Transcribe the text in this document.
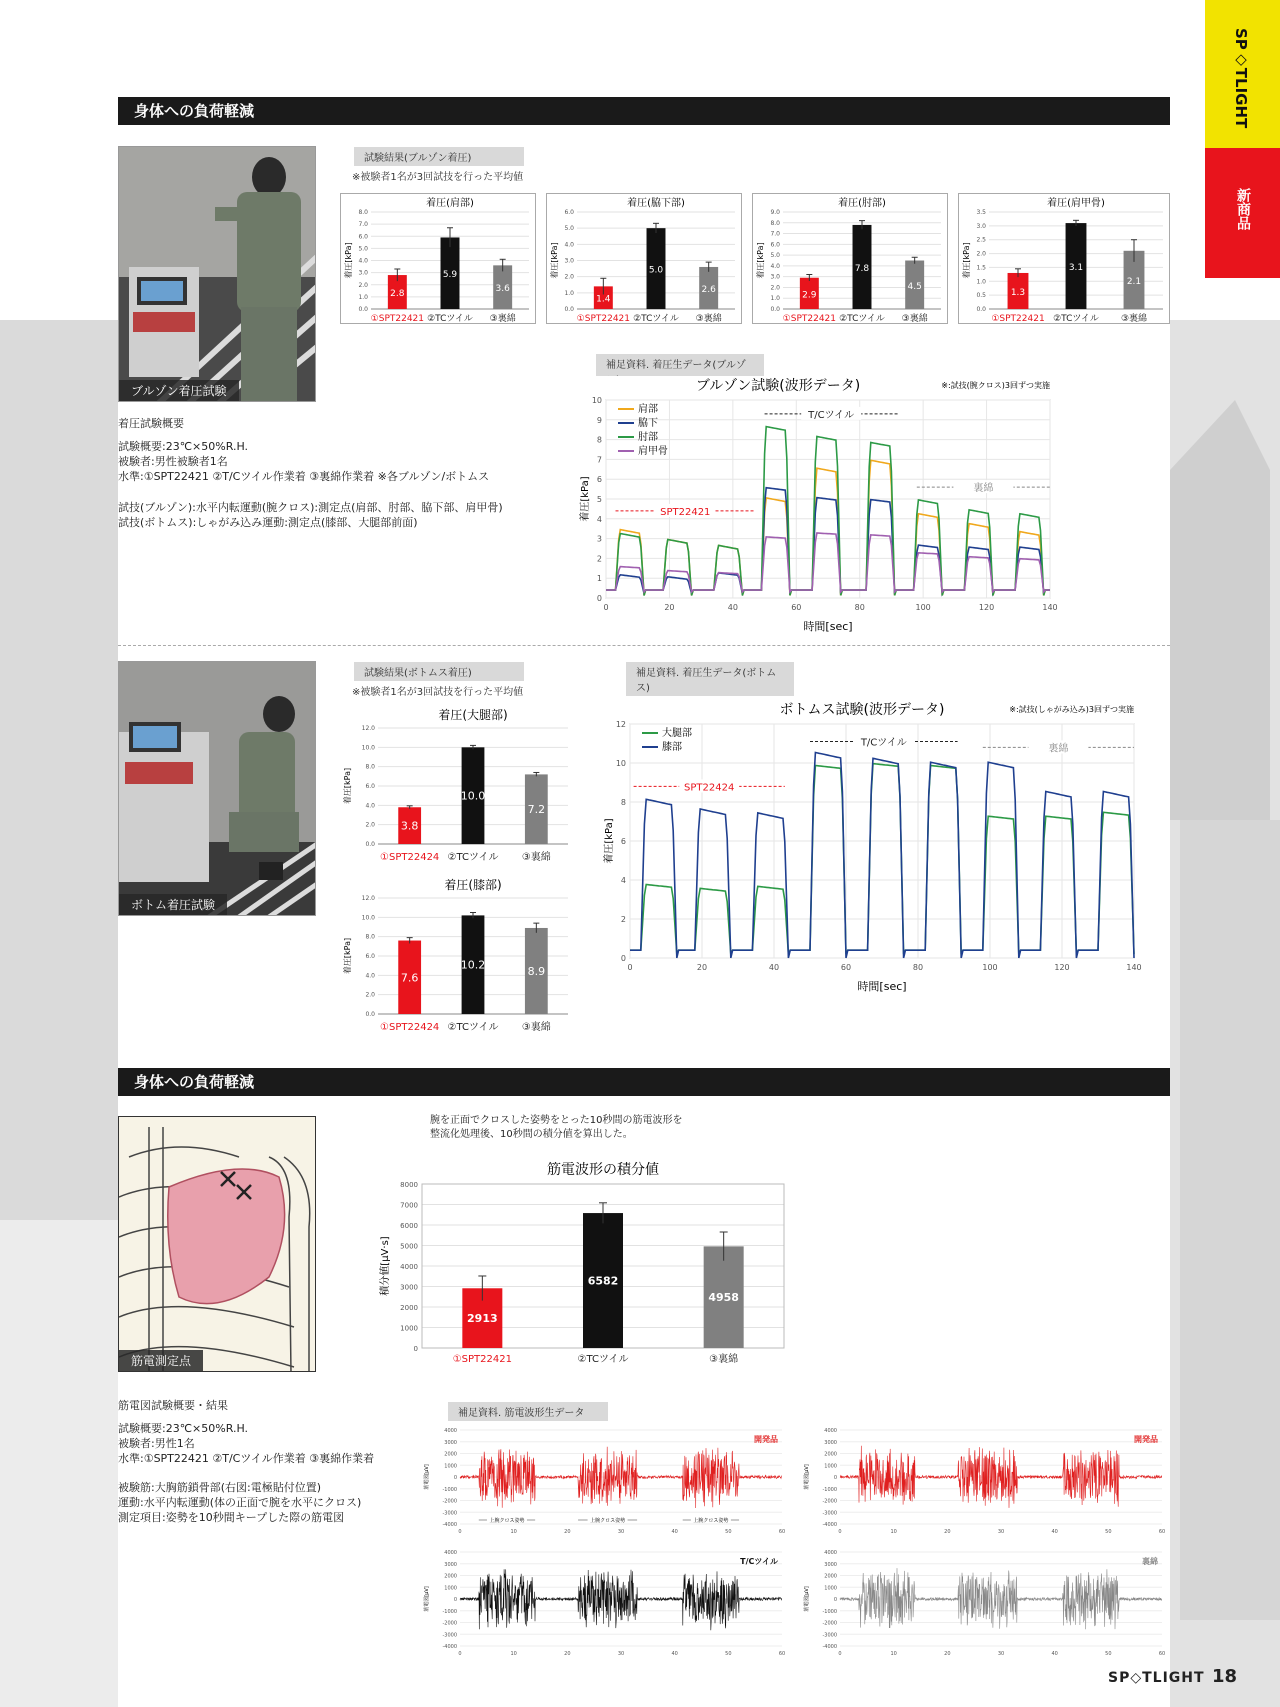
SP◇TLIGHT
新商品
身体への負荷軽減
ブルゾン着圧試験
試験結果(ブルゾン着圧)
※被験者1名が3回試技を行った平均値
着圧(肩部)
着圧[kPa]
0.0
1.0
2.0
3.0
4.0
5.0
6.0
7.0
8.0
2.8
①SPT22421
5.9
②TCツイル
3.6
③裏綿
着圧(脇下部)
着圧[kPa]
0.0
1.0
2.0
3.0
4.0
5.0
6.0
1.4
①SPT22421
5.0
②TCツイル
2.6
③裏綿
着圧(肘部)
着圧[kPa]
0.0
1.0
2.0
3.0
4.0
5.0
6.0
7.0
8.0
9.0
2.9
①SPT22421
7.8
②TCツイル
4.5
③裏綿
着圧(肩甲骨)
着圧[kPa]
0.0
0.5
1.0
1.5
2.0
2.5
3.0
3.5
1.3
①SPT22421
3.1
②TCツイル
2.1
③裏綿

着圧試験概要

試験概要:23℃×50%R.H.

被験者:男性被験者1名

水準:①SPT22421 ②T/Cツイル作業着 ③裏綿作業着 ※各ブルゾン/ボトムス

試技(ブルゾン):水平内転運動(腕クロス):測定点(肩部、肘部、脇下部、肩甲骨)

試技(ボトムス):しゃがみ込み運動:測定点(膝部、大腿部前面)

補足資料. 着圧生データ(ブルゾ
ブルゾン試験(波形データ)	※:試技(腕クロス)3回ずつ実施
着圧[kPa]
時間[sec]
0
1
2
3
4
5
6
7
8
9
10
0	20	40	60	80	100	120	140
肩部
脇下
肘部
肩甲骨
SPT22421
T/Cツイル
裏綿
ボトム着圧試験
試験結果(ボトムス着圧)
※被験者1名が3回試技を行った平均値
着圧(大腿部)
着圧[kPa]
0.0
2.0
4.0
6.0
8.0
10.0
12.0
3.8
①SPT22424
10.0
②TCツイル
7.2
③裏綿
着圧(膝部)
着圧[kPa]
0.0
2.0
4.0
6.0
8.0
10.0
12.0
7.6
①SPT22424
10.2
②TCツイル
8.9
③裏綿
補足資料. 着圧生データ(ボトムス)
ボトムス試験(波形データ)	※:試技(しゃがみ込み)3回ずつ実施
着圧[kPa]
時間[sec]
0
2
4
6
8
10
12
0	20	40	60	80	100	120	140
大腿部
膝部
SPT22424
T/Cツイル
裏綿
身体への負荷軽減
筋電測定点

腕を正面でクロスした姿勢をとった10秒間の筋電波形を

整流化処理後、10秒間の積分値を算出した。

筋電波形の積分値
積分値[μV·s]
0
1000
2000
3000
4000
5000
6000
7000
8000
2913
①SPT22421
6582
②TCツイル
4958
③裏綿

筋電図試験概要・結果

試験概要:23℃×50%R.H.

被験者:男性1名

水準:①SPT22421 ②T/Cツイル作業着 ③裏綿作業着

被験筋:大胸筋鎖骨部(右図:電極貼付位置)

運動:水平内転運動(体の正面で腕を水平にクロス)

測定項目:姿勢を10秒間キープした際の筋電図

補足資料. 筋電波形生データ
4000
3000
2000
1000
0
-1000
-2000
-3000
-4000
0	10	20	30	40	50	60
筋電図[μV]
開発品
上腕クロス姿勢	上腕クロス姿勢	上腕クロス姿勢
4000
3000
2000
1000
0
-1000
-2000
-3000
-4000
0	10	20	30	40	50	60
筋電図[μV]
開発品
4000
3000
2000
1000
0
-1000
-2000
-3000
-4000
0	10	20	30	40	50	60
筋電図[μV]
T/Cツイル
4000
3000
2000
1000
0
-1000
-2000
-3000
-4000
0	10	20	30	40	50	60
筋電図[μV]
裏綿
SP◇TLIGHT 18
